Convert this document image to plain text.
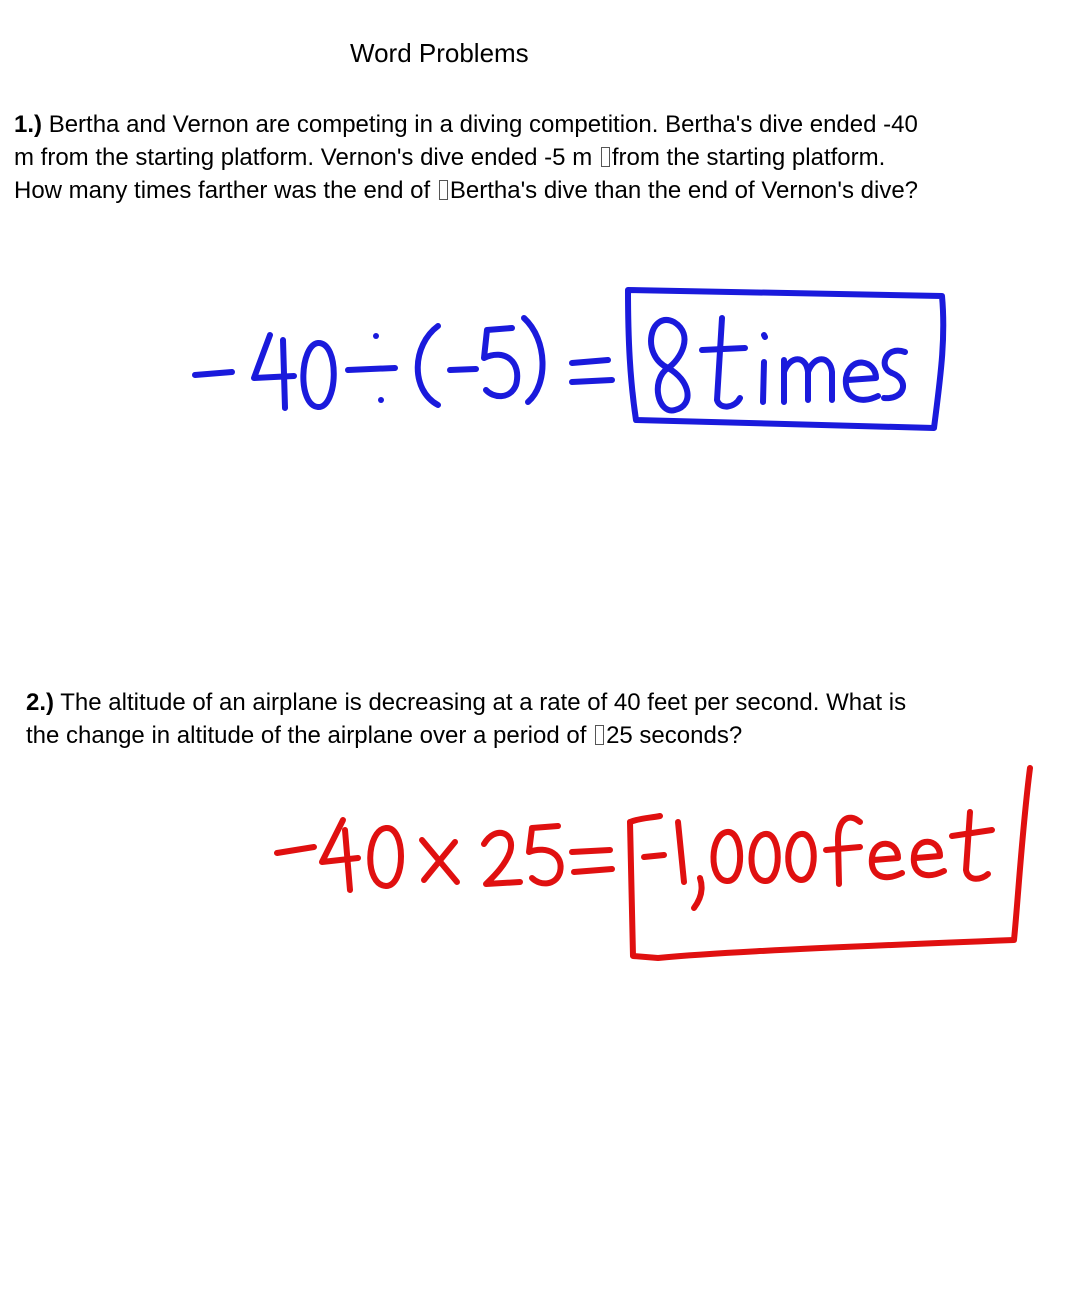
Word Problems
1.) Bertha and Vernon are competing in a diving competition. Bertha's dive ended -40
m from the starting platform. Vernon's dive ended -5 m from the starting platform.
How many times farther was the end of Bertha's dive than the end of Vernon's dive?
2.) The altitude of an airplane is decreasing at a rate of 40 feet per second. What is
the change in altitude of the airplane over a period of 25 seconds?
